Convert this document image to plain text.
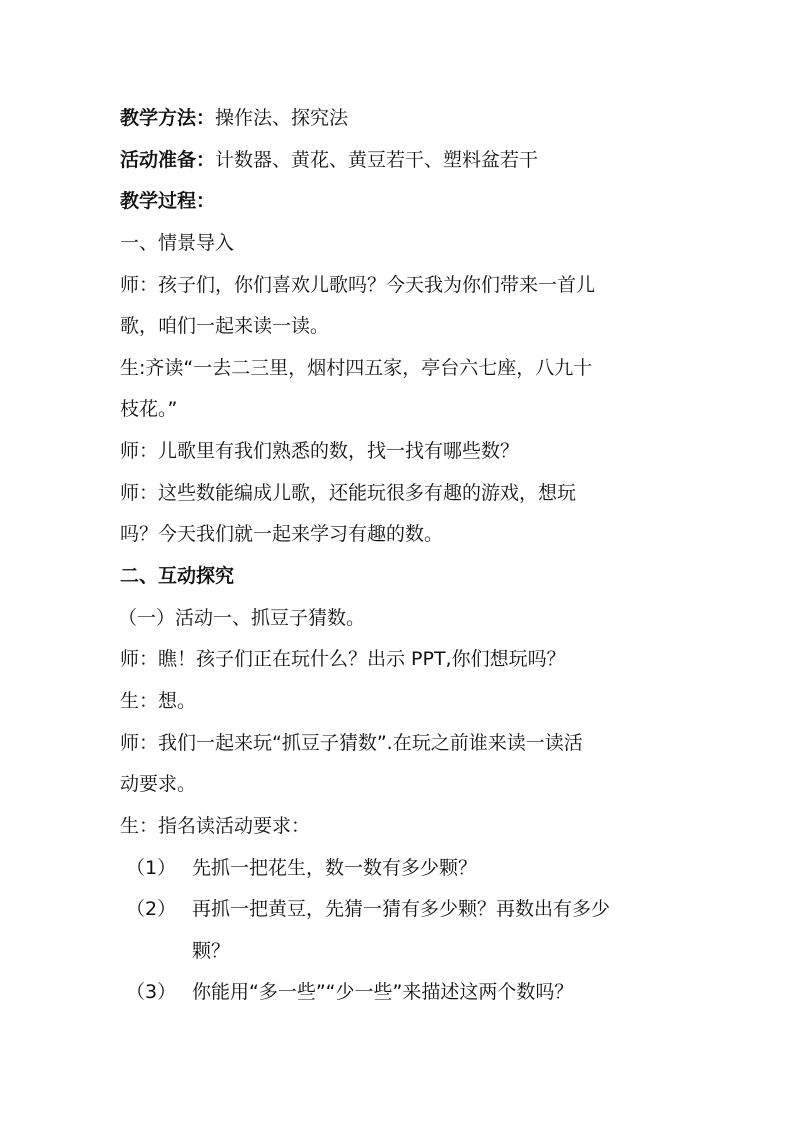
教学方法：操作法、探究法
活动准备：计数器、黄花、黄豆若干、塑料盆若干
教学过程：
一、情景导入
师：孩子们，你们喜欢儿歌吗？今天我为你们带来一首儿
歌，咱们一起来读一读。
生:齐读“一去二三里，烟村四五家，亭台六七座，八九十
枝花。”
师：儿歌里有我们熟悉的数，找一找有哪些数？
师：这些数能编成儿歌，还能玩很多有趣的游戏，想玩
吗？今天我们就一起来学习有趣的数。
二、互动探究
（一）活动一、抓豆子猜数。
师：瞧！孩子们正在玩什么？出示 PPT,你们想玩吗？
生：想。
师：我们一起来玩“抓豆子猜数”.在玩之前谁来读一读活
动要求。
生：指名读活动要求：
（1） 先抓一把花生，数一数有多少颗？
（2） 再抓一把黄豆，先猜一猜有多少颗？再数出有多少
颗？
（3） 你能用“多一些”“少一些”来描述这两个数吗？
